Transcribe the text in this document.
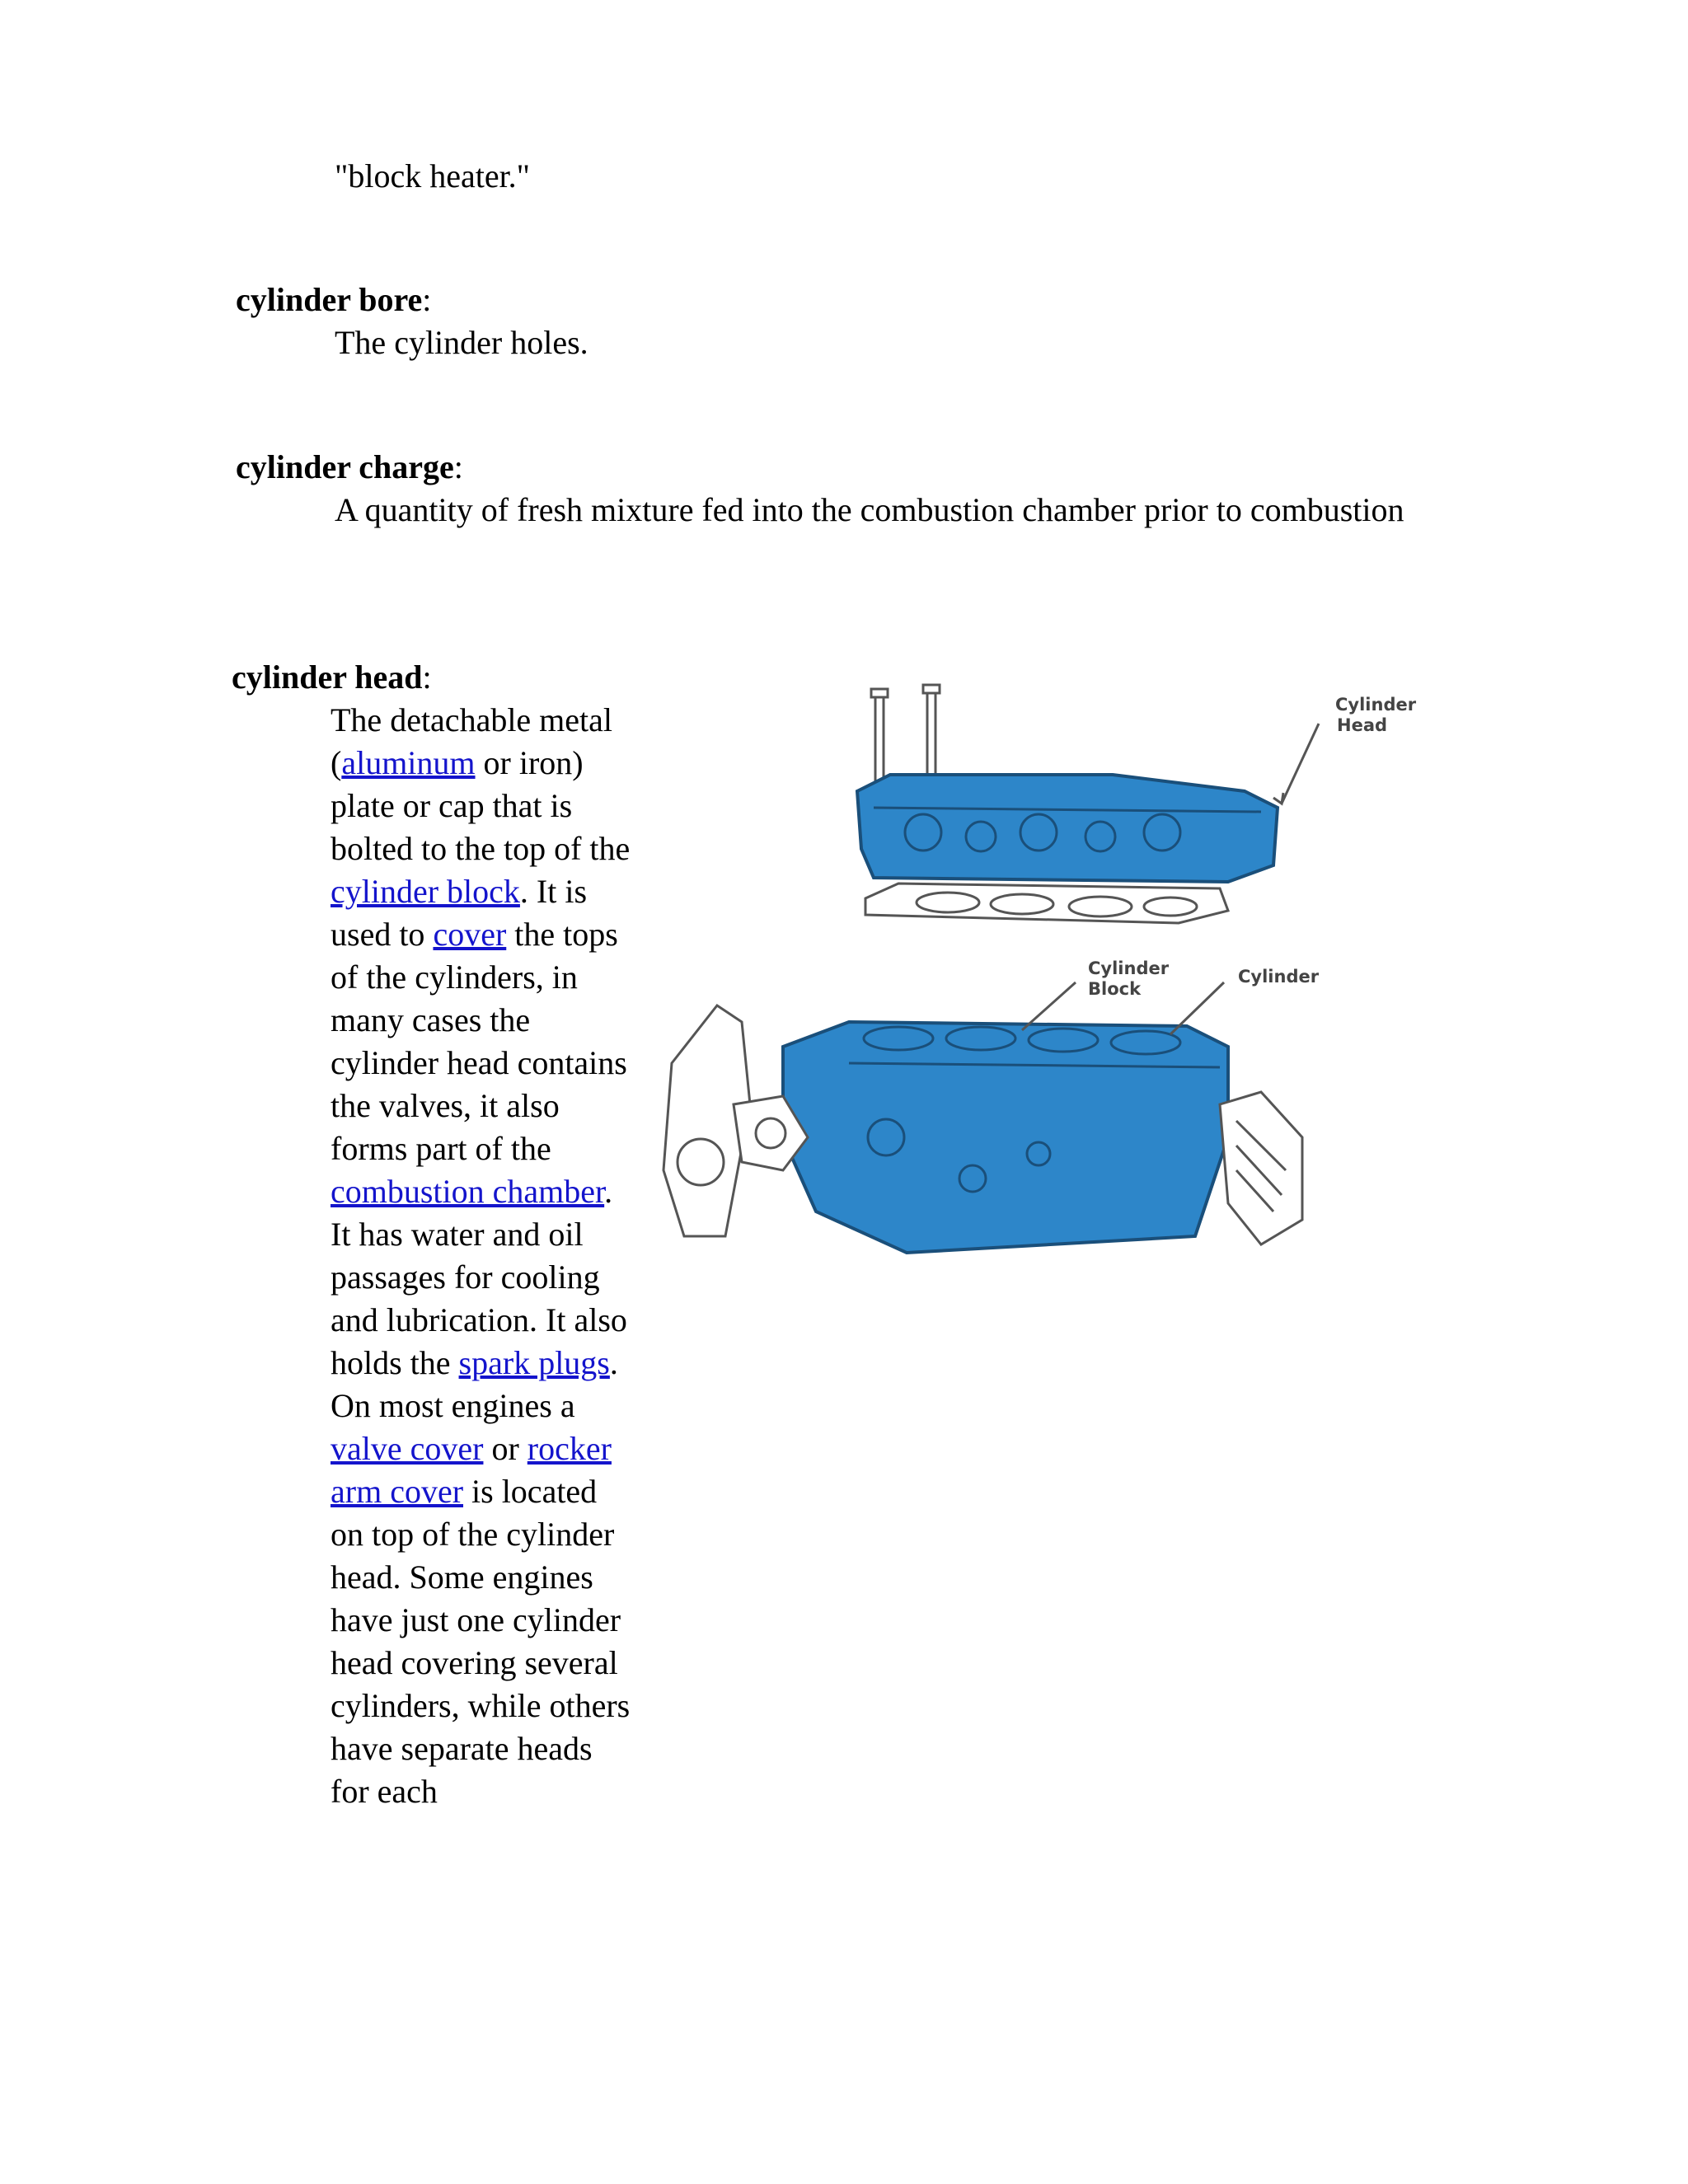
"block heater."
cylinder bore:
The cylinder holes.
cylinder charge:
A quantity of fresh mixture fed into the combustion chamber prior to combustion
cylinder head:
The detachable metal (aluminum or iron) plate or cap that is bolted to the top of the cylinder block. It is used to cover the tops of the cylinders, in many cases the cylinder head contains the valves, it also forms part of the combustion chamber. It has water and oil passages for cooling and lubrication. It also holds the spark plugs. On most engines a valve cover or rocker arm cover is located on top of the cylinder head. Some engines have just one cylinder head covering several cylinders, while others have separate heads for each
Cylinder
Head
Cylinder
Block
Cylinder
